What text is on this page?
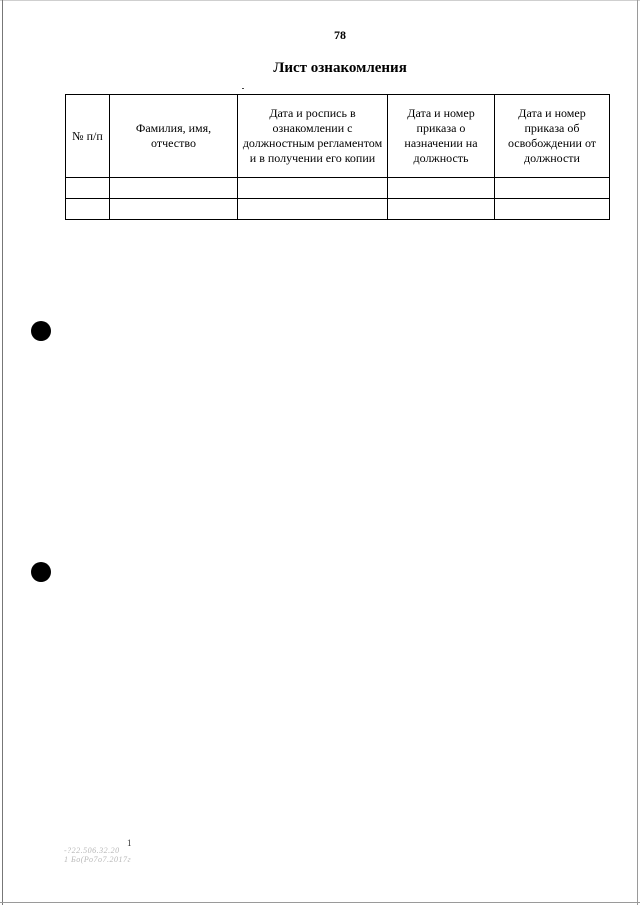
78
Лист ознакомления
№ п/п	Фамилия, имя, отчество	Дата и роспись в ознакомлении с должностным регламентом и в получении его копии	Дата и номер приказа о назначении на должность	Дата и номер приказа об освобождении от должности

1
-?22.506.32.20
1 Бо(Ро7о7.2017г
